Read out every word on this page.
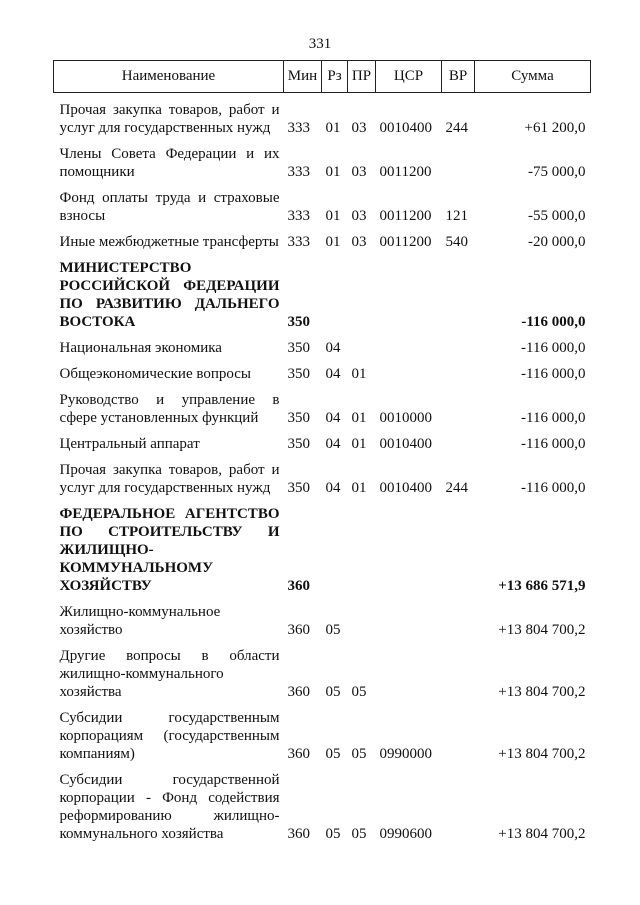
331
Наименование	Мин	Рз	ПР	ЦСР	ВР	Сумма

Прочая закупка товаров, работ и услуг для государственных нужд	333	01	03	0010400	244	+61 200,0

Члены Совета Федерации и их помощники	333	01	03	0011200		-75 000,0

Фонд оплаты труда и страховые взносы	333	01	03	0011200	121	-55 000,0

Иные межбюджетные трансферты	333	01	03	0011200	540	-20 000,0

МИНИСТЕРСТВО РОССИЙСКОЙ ФЕДЕРАЦИИ ПО РАЗВИТИЮ ДАЛЬНЕГО ВОСТОКА	350					-116 000,0

Национальная экономика	350	04				-116 000,0

Общеэкономические вопросы	350	04	01			-116 000,0

Руководство и управление в сфере установленных функций	350	04	01	0010000		-116 000,0

Центральный аппарат	350	04	01	0010400		-116 000,0

Прочая закупка товаров, работ и услуг для государственных нужд	350	04	01	0010400	244	-116 000,0

ФЕДЕРАЛЬНОЕ АГЕНТСТВО ПО СТРОИТЕЛЬСТВУ И ЖИЛИЩНО-КОММУНАЛЬНОМУ ХОЗЯЙСТВУ	360					+13 686 571,9

Жилищно-коммунальное хозяйство	360	05				+13 804 700,2

Другие вопросы в области жилищно-коммунального хозяйства	360	05	05			+13 804 700,2

Субсидии государственным корпорациям (государственным компаниям)	360	05	05	0990000		+13 804 700,2

Субсидии государственной корпорации - Фонд содействия реформированию жилищно-коммунального хозяйства	360	05	05	0990600		+13 804 700,2
